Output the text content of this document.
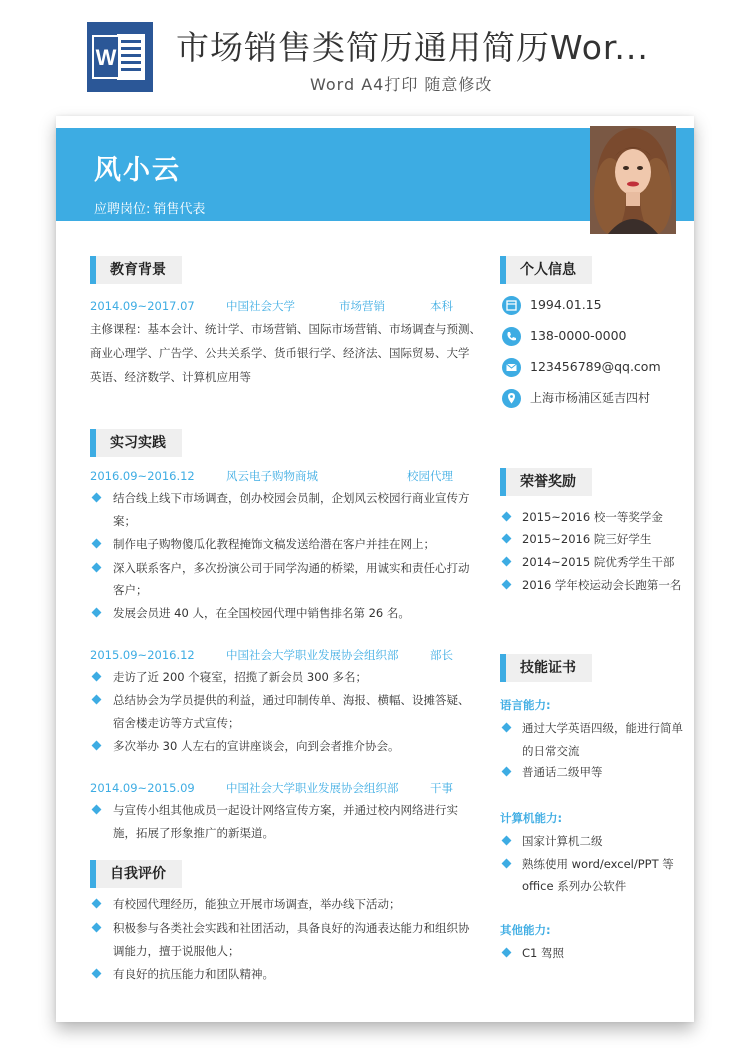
W 市场销售类简历通用简历Wor...
Word A4打印 随意修改
风小云
应聘岗位: 销售代表
教育背景
2014.09~2017.07	中国社会大学	市场营销	本科
主修课程：基本会计、统计学、市场营销、国际市场营销、市场调查与预测、
商业心理学、广告学、公共关系学、货币银行学、经济法、国际贸易、大学
英语、经济数学、计算机应用等
实习实践
2016.09~2016.12	风云电子购物商城	校园代理
结合线上线下市场调查，创办校园会员制，企划风云校园行商业宣传方
案；
制作电子购物傻瓜化教程掩饰文稿发送给潜在客户并挂在网上；
深入联系客户，多次扮演公司于同学沟通的桥梁，用诚实和责任心打动
客户；
发展会员进 40 人，在全国校园代理中销售排名第 26 名。
2015.09~2016.12	中国社会大学职业发展协会组织部	部长
走访了近 200 个寝室，招揽了新会员 300 多名；
总结协会为学员提供的利益，通过印制传单、海报、横幅、设摊答疑、
宿舍楼走访等方式宣传；
多次举办 30 人左右的宣讲座谈会，向到会者推介协会。
2014.09~2015.09	中国社会大学职业发展协会组织部	干事
与宣传小组其他成员一起设计网络宣传方案，并通过校内网络进行实
施，拓展了形象推广的新渠道。
自我评价
有校园代理经历，能独立开展市场调查，举办线下活动；
积极参与各类社会实践和社团活动，具备良好的沟通表达能力和组织协
调能力，擅于说服他人；
有良好的抗压能力和团队精神。
个人信息
1994.01.15
138-0000-0000
123456789@qq.com
上海市杨浦区延吉四村
荣誉奖励
2015~2016 校一等奖学金
2015~2016 院三好学生
2014~2015 院优秀学生干部
2016 学年校运动会长跑第一名
技能证书
语言能力:
通过大学英语四级，能进行简单
的日常交流
普通话二级甲等
计算机能力:
国家计算机二级
熟练使用 word/excel/PPT 等
office 系列办公软件
其他能力:
C1 驾照
